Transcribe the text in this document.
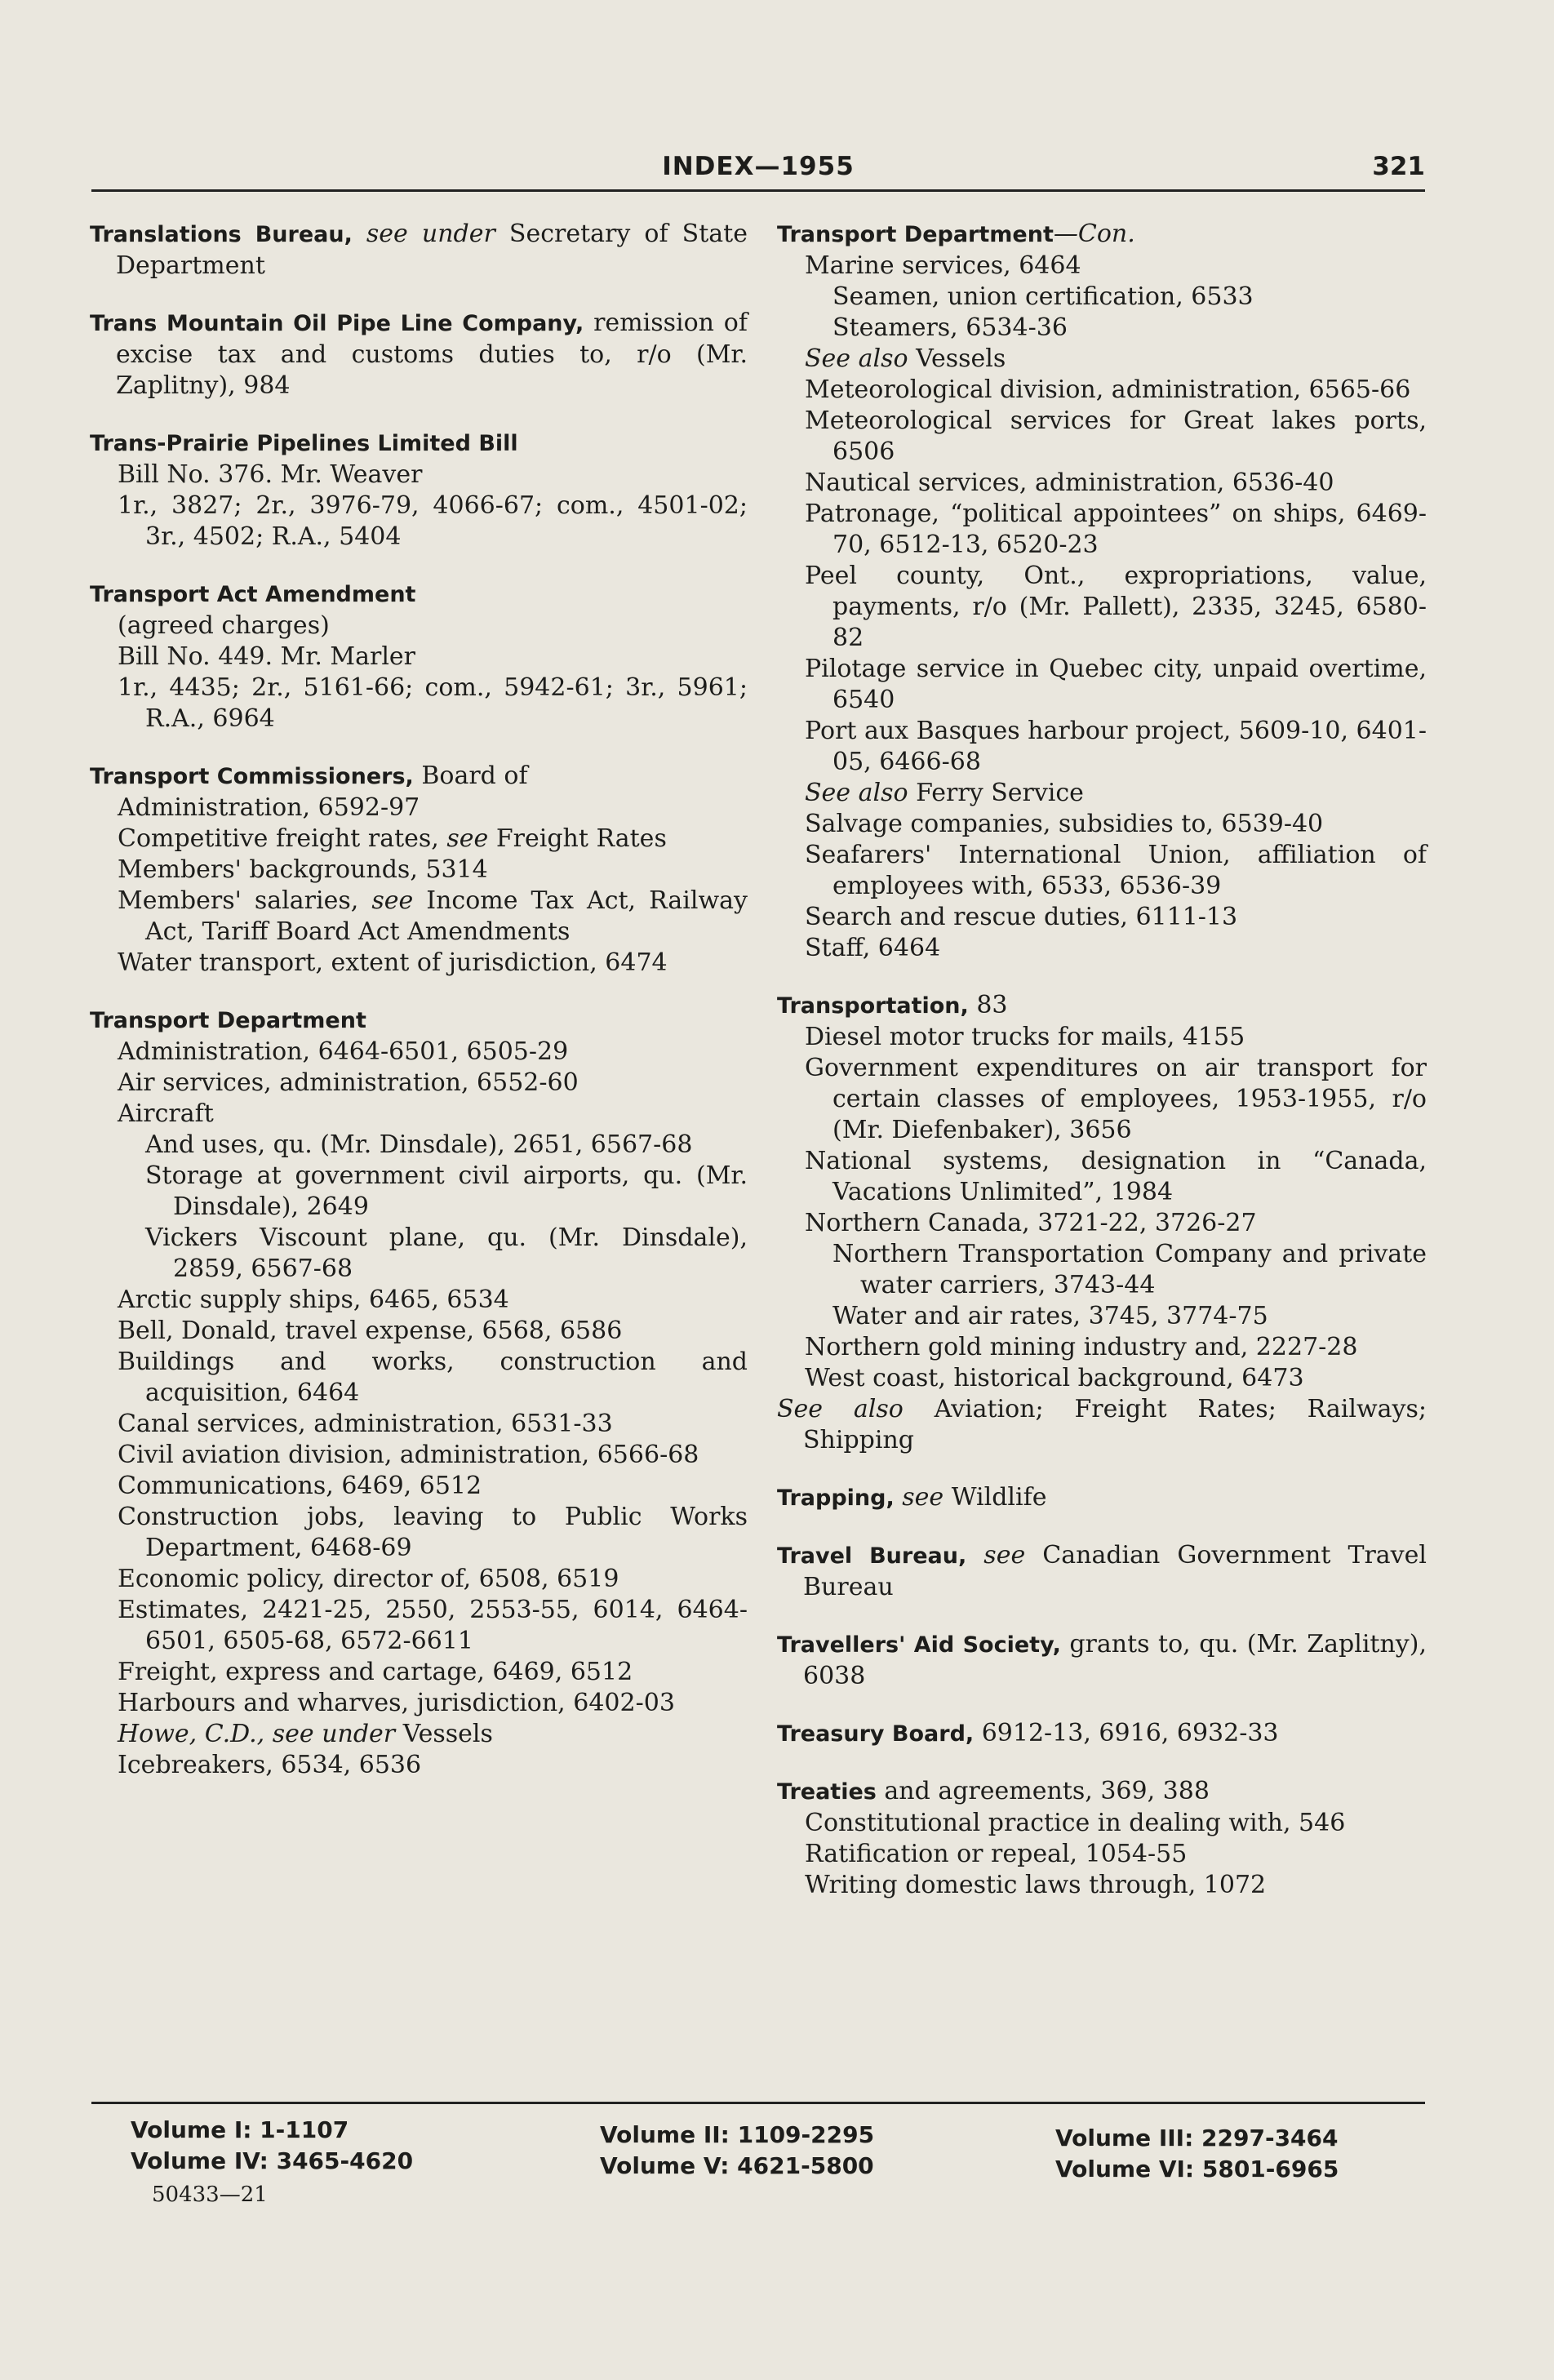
INDEX—1955	321

Translations Bureau, see under Secretary of State Department

Trans Mountain Oil Pipe Line Company, remission of excise tax and customs duties to, r/o (Mr. Zaplitny), 984

Trans-Prairie Pipelines Limited Bill

Bill No. 376. Mr. Weaver

1r., 3827; 2r., 3976-79, 4066-67; com., 4501-02; 3r., 4502; R.A., 5404

Transport Act Amendment

(agreed charges)

Bill No. 449. Mr. Marler

1r., 4435; 2r., 5161-66; com., 5942-61; 3r., 5961; R.A., 6964

Transport Commissioners, Board of

Administration, 6592-97

Competitive freight rates, see Freight Rates

Members' backgrounds, 5314

Members' salaries, see Income Tax Act, Railway Act, Tariff Board Act Amendments

Water transport, extent of jurisdiction, 6474

Transport Department

Administration, 6464-6501, 6505-29

Air services, administration, 6552-60

Aircraft

And uses, qu. (Mr. Dinsdale), 2651, 6567-68

Storage at government civil airports, qu. (Mr. Dinsdale), 2649

Vickers Viscount plane, qu. (Mr. Dinsdale), 2859, 6567-68

Arctic supply ships, 6465, 6534

Bell, Donald, travel expense, 6568, 6586

Buildings and works, construction and acquisition, 6464

Canal services, administration, 6531-33

Civil aviation division, administration, 6566-68

Communications, 6469, 6512

Construction jobs, leaving to Public Works Department, 6468-69

Economic policy, director of, 6508, 6519

Estimates, 2421-25, 2550, 2553-55, 6014, 6464-6501, 6505-68, 6572-6611

Freight, express and cartage, 6469, 6512

Harbours and wharves, jurisdiction, 6402-03

Howe, C.D., see under Vessels

Icebreakers, 6534, 6536

Transport Department—Con.

Marine services, 6464

Seamen, union certification, 6533

Steamers, 6534-36

See also Vessels

Meteorological division, administration, 6565-66

Meteorological services for Great lakes ports, 6506

Nautical services, administration, 6536-40

Patronage, “political appointees” on ships, 6469-70, 6512-13, 6520-23

Peel county, Ont., expropriations, value, payments, r/o (Mr. Pallett), 2335, 3245, 6580-82

Pilotage service in Quebec city, unpaid overtime, 6540

Port aux Basques harbour project, 5609-10, 6401-05, 6466-68

See also Ferry Service

Salvage companies, subsidies to, 6539-40

Seafarers' International Union, affiliation of employees with, 6533, 6536-39

Search and rescue duties, 6111-13

Staff, 6464

Transportation, 83

Diesel motor trucks for mails, 4155

Government expenditures on air transport for certain classes of employees, 1953-1955, r/o (Mr. Diefenbaker), 3656

National systems, designation in “Canada, Vacations Unlimited”, 1984

Northern Canada, 3721-22, 3726-27

Northern Transportation Company and private water carriers, 3743-44

Water and air rates, 3745, 3774-75

Northern gold mining industry and, 2227-28

West coast, historical background, 6473

See also Aviation; Freight Rates; Railways; Shipping

Trapping, see Wildlife

Travel Bureau, see Canadian Government Travel Bureau

Travellers' Aid Society, grants to, qu. (Mr. Zaplitny), 6038

Treasury Board, 6912-13, 6916, 6932-33

Treaties and agreements, 369, 388

Constitutional practice in dealing with, 546

Ratification or repeal, 1054-55

Writing domestic laws through, 1072

Volume I: 1-1107
Volume IV: 3465-4620
Volume II: 1109-2295
Volume V: 4621-5800
Volume III: 2297-3464
Volume VI: 5801-6965
50433—21
